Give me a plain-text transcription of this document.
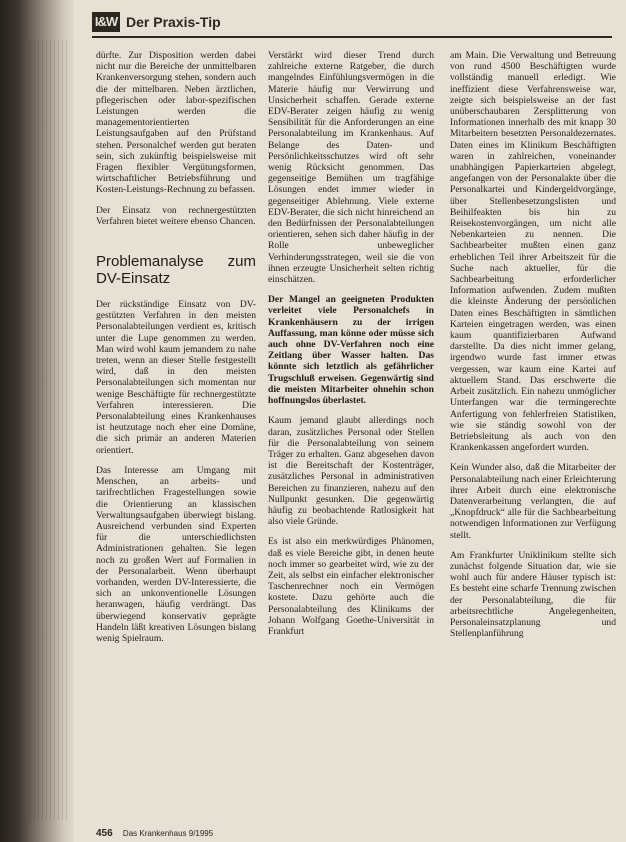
I&W Der Praxis-Tip

dürfte. Zur Disposition werden dabei nicht nur die Bereiche der unmittelbaren Krankenversorgung stehen, sondern auch die der mittelbaren. Neben ärztlichen, pflegerischen oder labor-spezifischen Leistungen werden die managementorientierten Leistungsaufgaben auf den Prüfstand stehen. Personalchef werden gut beraten sein, sich zukünftig beispielsweise mit Fragen flexibler Vergütungsformen, wirtschaftlicher Betriebsführung und Kosten-Leistungs-Rechnung zu befassen.

Der Einsatz von rechnergestützten Verfahren bietet weitere ebenso Chancen.

Problemanalyse zum DV-Einsatz

Der rückständige Einsatz von DV-gestützten Verfahren in den meisten Personalabteilungen verdient es, kritisch unter die Lupe genommen zu werden. Man wird wohl kaum jemandem zu nahe treten, wenn an dieser Stelle festgestellt wird, daß in den meisten Personalabteilungen sich momentan nur wenige Beschäftigte für rechnergestützte Verfahren interessieren. Die Personalabteilung eines Krankenhauses ist heutzutage noch eher eine Domäne, die sich primär an anderen Materien orientiert.

Das Interesse am Umgang mit Menschen, an arbeits- und tarifrechtlichen Fragestellungen sowie die Orientierung an klassischen Verwaltungsaufgaben überwiegt bislang. Ausreichend verbunden sind Experten für die unterschiedlichsten Administrationen gehalten. Sie legen noch zu großen Wert auf Formalien in der Personalarbeit. Wenn überhaupt vorhanden, werden DV-Interessierte, die sich an unkonventionelle Lösungen heranwagen, häufig verdrängt. Das überwiegend konservativ geprägte Handeln läßt kreativen Lösungen bislang wenig Spielraum.

Verstärkt wird dieser Trend durch zahlreiche externe Ratgeber, die durch mangelndes Einfühlungsvermögen in die Materie häufig nur Verwirrung und Unsicherheit schaffen. Gerade externe EDV-Berater zeigen häufig zu wenig Sensibilität für die Anforderungen an eine Personalabteilung im Krankenhaus. Auf Belange des Daten- und Persönlichkeitsschutzes wird oft sehr wenig Rücksicht genommen. Das gegenseitige Bemühen um tragfähige Lösungen endet immer wieder in gegenseitiger Ablehnung. Viele externe EDV-Berater, die sich nicht hinreichend an den Bedürfnissen der Personalabteilungen orientieren, sehen sich daher häufig in der Rolle unbeweglicher Verhinderungsstrategen, weil sie die von ihnen erzeugte Unsicherheit selten richtig einschätzen.

Der Mangel an geeigneten Produkten verleitet viele Personalchefs in Krankenhäusern zu der irrigen Auffassung, man könne oder müsse sich auch ohne DV-Verfahren noch eine Zeitlang über Wasser halten. Das könnte sich letztlich als gefährlicher Trugschluß erweisen. Gegenwärtig sind die meisten Mitarbeiter ohnehin schon hoffnungslos überlastet.

Kaum jemand glaubt allerdings noch daran, zusätzliches Personal oder Stellen für die Personalabteilung von seinem Träger zu erhalten. Ganz abgesehen davon ist die Bereitschaft der Kostenträger, zusätzliches Personal in administrativen Bereichen zu finanzieren, nahezu auf den Nullpunkt gesunken. Die gegenwärtig häufig zu beobachtende Ratlosigkeit hat also viele Gründe.

Es ist also ein merkwürdiges Phänomen, daß es viele Bereiche gibt, in denen heute noch immer so gearbeitet wird, wie zu der Zeit, als selbst ein einfacher elektronischer Taschenrechner noch ein Vermögen kostete. Dazu gehörte auch die Personalabteilung des Klinikums der Johann Wolfgang Goethe-Universität in Frankfurt

am Main. Die Verwaltung und Betreuung von rund 4500 Beschäftigten wurde vollständig manuell erledigt. Wie ineffizient diese Verfahrensweise war, zeigte sich beispielsweise an der fast unüberschaubaren Zersplitterung von Informationen innerhalb des mit knapp 30 Mitarbeitern besetzten Personaldezernates. Daten eines im Klinikum Beschäftigten waren in zahlreichen, voneinander unabhängigen Papierkarteien abgelegt, angefangen von der Personalakte über die Personalkartei und Kindergeldvorgänge, über Stellenbesetzungslisten und Beihilfeakten bis hin zu Reisekostenvorgängen, um nicht alle Nebenkarteien zu nennen. Die Sachbearbeiter mußten einen ganz erheblichen Teil ihrer Arbeitszeit für die Suche nach aktueller, für die Sachbearbeitung erforderlicher Information aufwenden. Zudem mußten die kleinste Änderung der persönlichen Daten eines Beschäftigten in sämtlichen Karteien eingetragen werden, was einen kaum quantifizierbaren Aufwand darstellte. Da dies nicht immer gelang, irgendwo wurde fast immer etwas vergessen, war kaum eine Kartei auf aktuellem Stand. Das erschwerte die Arbeit zusätzlich. Ein nahezu unmöglicher Unterfangen war die termingerechte Anfertigung von fehlerfreien Statistiken, wie sie ständig sowohl von der Betriebsleitung als auch von den Krankenkassen angefordert wurden.

Kein Wunder also, daß die Mitarbeiter der Personalabteilung nach einer Erleichterung ihrer Arbeit durch eine elektronische Datenverarbeitung verlangten, die auf „Knopfdruck“ alle für die Sachbearbeitung notwendigen Informationen zur Verfügung stellt.

Am Frankfurter Uniklinikum stellte sich zunächst folgende Situation dar, wie sie wohl auch für andere Häuser typisch ist: Es besteht eine scharfe Trennung zwischen der Personalabteilung, die für arbeitsrechtliche Angelegenheiten, Personaleinsatzplanung und Stellenplanführung

456 Das Krankenhaus 9/1995
